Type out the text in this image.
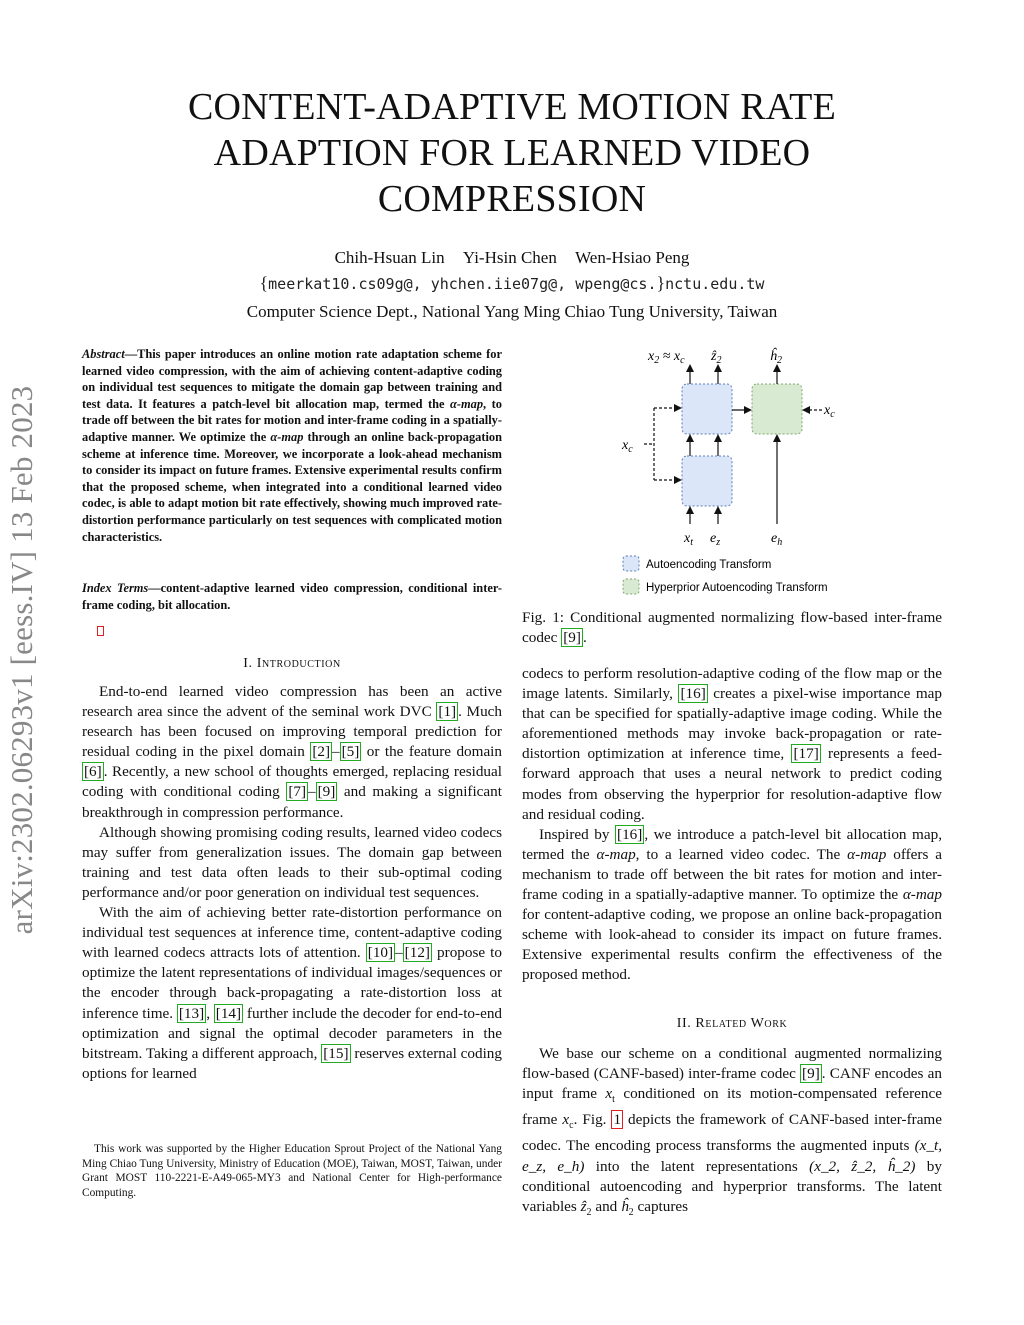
arXiv:2302.06293v1 [eess.IV] 13 Feb 2023
CONTENT-ADAPTIVE MOTION RATE
ADAPTION FOR LEARNED VIDEO
COMPRESSION
Chih-Hsuan Lin Yi-Hsin Chen Wen-Hsiao Peng
{meerkat10.cs09g@, yhchen.iie07g@, wpeng@cs.}nctu.edu.tw
Computer Science Dept., National Yang Ming Chiao Tung University, Taiwan
Abstract—This paper introduces an online motion rate adaptation scheme for learned video compression, with the aim of achieving content-adaptive coding on individual test sequences to mitigate the domain gap between training and test data. It features a patch-level bit allocation map, termed the α-map, to trade off between the bit rates for motion and inter-frame coding in a spatially-adaptive manner. We optimize the α-map through an online back-propagation scheme at inference time. Moreover, we incorporate a look-ahead mechanism to consider its impact on future frames. Extensive experimental results confirm that the proposed scheme, when integrated into a conditional learned video codec, is able to adapt motion bit rate effectively, showing much improved rate-distortion performance particularly on test sequences with complicated motion characteristics.
Index Terms—content-adaptive learned video compression, conditional inter-frame coding, bit allocation.
I. Introduction

End-to-end learned video compression has been an active research area since the advent of the seminal work DVC [1] . Much research has been focused on improving temporal prediction for residual coding in the pixel domain [2] – [5] or the feature domain [6] . Recently, a new school of thoughts emerged, replacing residual coding with conditional coding [7] – [9] and making a significant breakthrough in compression performance.

Although showing promising coding results, learned video codecs may suffer from generalization issues. The domain gap between training and test data often leads to their sub-optimal coding performance and/or poor generation on individual test sequences.

With the aim of achieving better rate-distortion performance on individual test sequences at inference time, content-adaptive coding with learned codecs attracts lots of attention. [10] – [12] propose to optimize the latent representations of individual images/sequences or the encoder through back-propagating a rate-distortion loss at inference time. [13] , [14] further include the decoder for end-to-end optimization and signal the optimal decoder parameters in the bitstream. Taking a different approach, [15] reserves external coding options for learned

This work was supported by the Higher Education Sprout Project of the National Yang Ming Chiao Tung University, Ministry of Education (MOE), Taiwan, MOST, Taiwan, under Grant MOST 110-2221-E-A49-065-MY3 and National Center for High-performance Computing.

$x_2 \approx x_c$ ẑ$_2$	$ĥ_2$
$x_c$
$x_c$
$x_t$ $e_z$	$e_h$
Autoencoding Transform
Hyperprior Autoencoding Transform
Fig. 1: Conditional augmented normalizing flow-based inter-frame codec [9] .

codecs to perform resolution-adaptive coding of the flow map or the image latents. Similarly, [16] creates a pixel-wise importance map that can be specified for spatially-adaptive image coding. While the aforementioned methods may invoke back-propagation or rate-distortion optimization at inference time, [17] represents a feed-forward approach that uses a neural network to predict coding modes from observing the hyperprior for resolution-adaptive flow and residual coding.

Inspired by [16] , we introduce a patch-level bit allocation map, termed the α-map, to a learned video codec. The α-map offers a mechanism to trade off between the bit rates for motion and inter-frame coding in a spatially-adaptive manner. To optimize the α-map for content-adaptive coding, we propose an online back-propagation scheme with look-ahead to consider its impact on future frames. Extensive experimental results confirm the effectiveness of the proposed method.

II. Related Work

We base our scheme on a conditional augmented normalizing flow-based (CANF-based) inter-frame codec [9] . CANF encodes an input frame $x_t$ conditioned on its motion-compensated reference frame $x_c$. Fig. 1 depicts the framework of CANF-based inter-frame codec. The encoding process transforms the augmented inputs (x_t, e_z, e_h) into the latent representations (x_2, ẑ_2, ĥ_2) by conditional autoencoding and hyperprior transforms. The latent variables ẑ$_2$ and $ĥ_2$ captures
